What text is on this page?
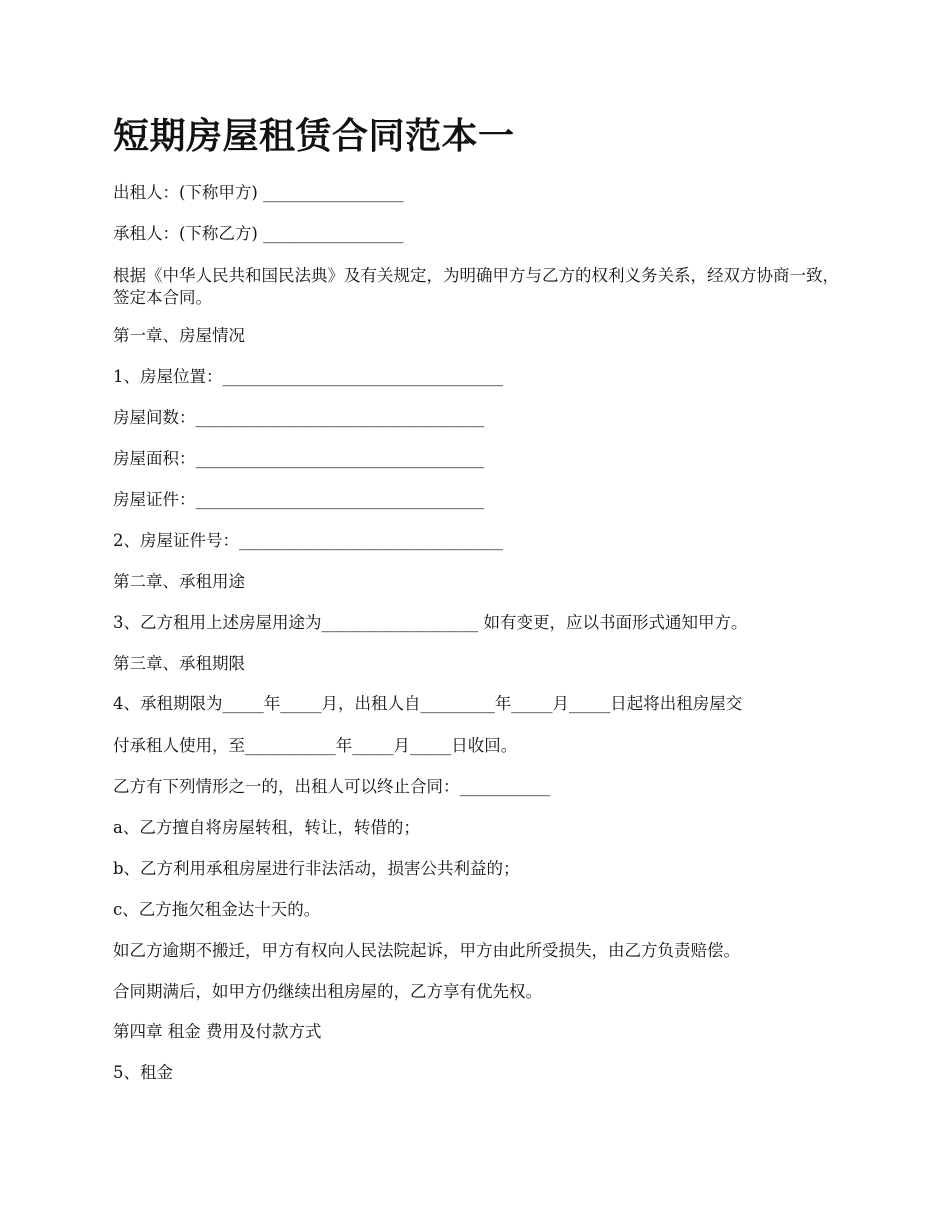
短期房屋租赁合同范本一
出租人：(下称甲方) _________________
承租人：(下称乙方) _________________
根据《中华人民共和国民法典》及有关规定，为明确甲方与乙方的权利义务关系，经双方协商一致，签定本合同。
第一章、房屋情况
1、房屋位置：__________________________________
房屋间数：___________________________________
房屋面积：___________________________________
房屋证件：___________________________________
2、房屋证件号：________________________________
第二章、承租用途
3、乙方租用上述房屋用途为___________________ 如有变更，应以书面形式通知甲方。
第三章、承租期限
4、承租期限为_____年_____月，出租人自_________年_____月_____日起将出租房屋交
付承租人使用，至___________年_____月_____日收回。
乙方有下列情形之一的，出租人可以终止合同：___________
a、乙方擅自将房屋转租，转让，转借的；
b、乙方利用承租房屋进行非法活动，损害公共利益的；
c、乙方拖欠租金达十天的。
如乙方逾期不搬迁，甲方有权向人民法院起诉，甲方由此所受损失，由乙方负责赔偿。
合同期满后，如甲方仍继续出租房屋的，乙方享有优先权。
第四章 租金 费用及付款方式
5、租金
